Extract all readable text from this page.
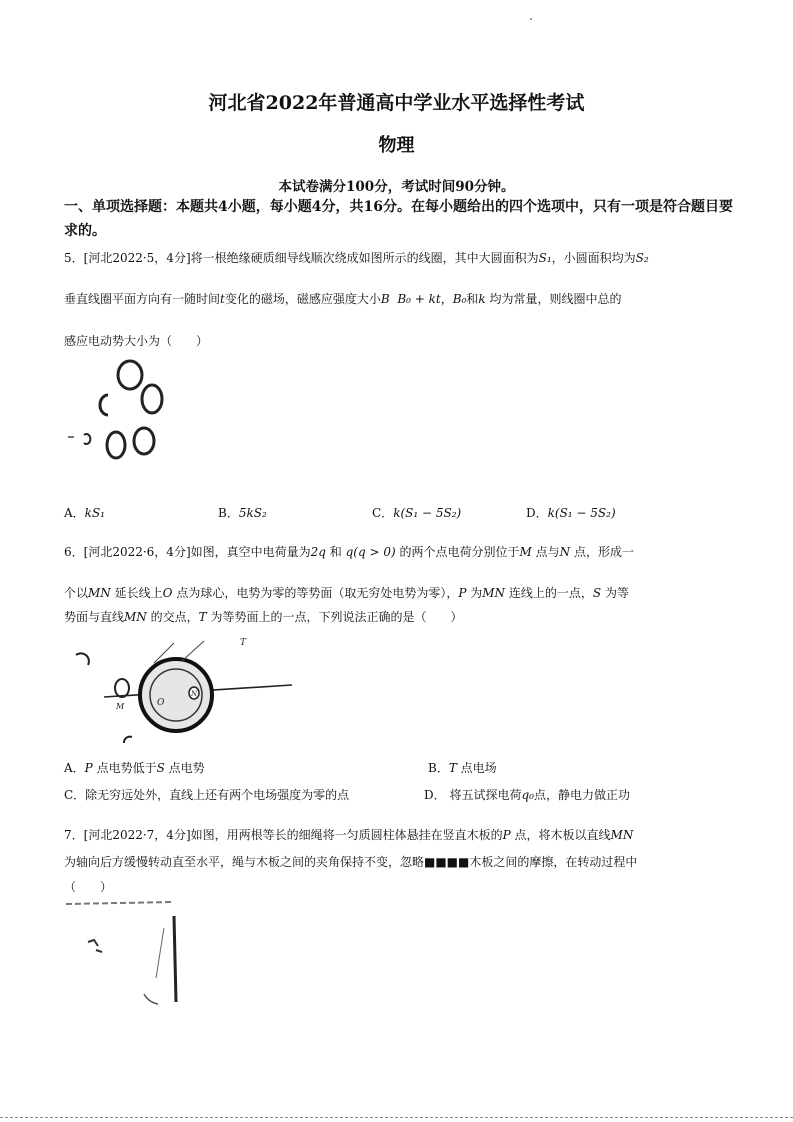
河北省2022年普通高中学业水平选择性考试
物理
本试卷满分100分，考试时间90分钟。
一、单项选择题：本题共4小题，每小题4分，共16分。在每小题给出的四个选项中，只有一项是符合题目要求的。
5．[河北2022·5，4分]将一根绝缘硬质细导线顺次绕成如图所示的线圈，其中大圆面积为S₁，小圆面积均为S₂
垂直线圈平面方向有一随时间t变化的磁场，磁感应强度大小B B₀ + kt，B₀和k 均为常量，则线圈中总的
感应电动势大小为（　　）
A．kS₁	B．5kS₂	C．k(S₁ − 5S₂)	D．k(S₁ − 5S₂)
6．[河北2022·6，4分]如图，真空中电荷量为2q 和 q(q > 0) 的两个点电荷分别位于M 点与N 点，形成一
个以MN 延长线上O 点为球心，电势为零的等势面（取无穷处电势为零），P 为MN 连线上的一点，S 为等
势面与直线MN 的交点，T 为等势面上的一点，下列说法正确的是（　　）
T
M	O
N
A．P 点电势低于S 点电势	B．T 点电场
C．除无穷远处外，直线上还有两个电场强度为零的点	D． 将五试探电荷q₀点，静电力做正功
7．[河北2022·7，4分]如图，用两根等长的细绳将一匀质圆柱体悬挂在竖直木板的P 点，将木板以直线MN
为轴向后方缓慢转动直至水平，绳与木板之间的夹角保持不变，忽略■■■■木板之间的摩擦，在转动过程中
（　　）
